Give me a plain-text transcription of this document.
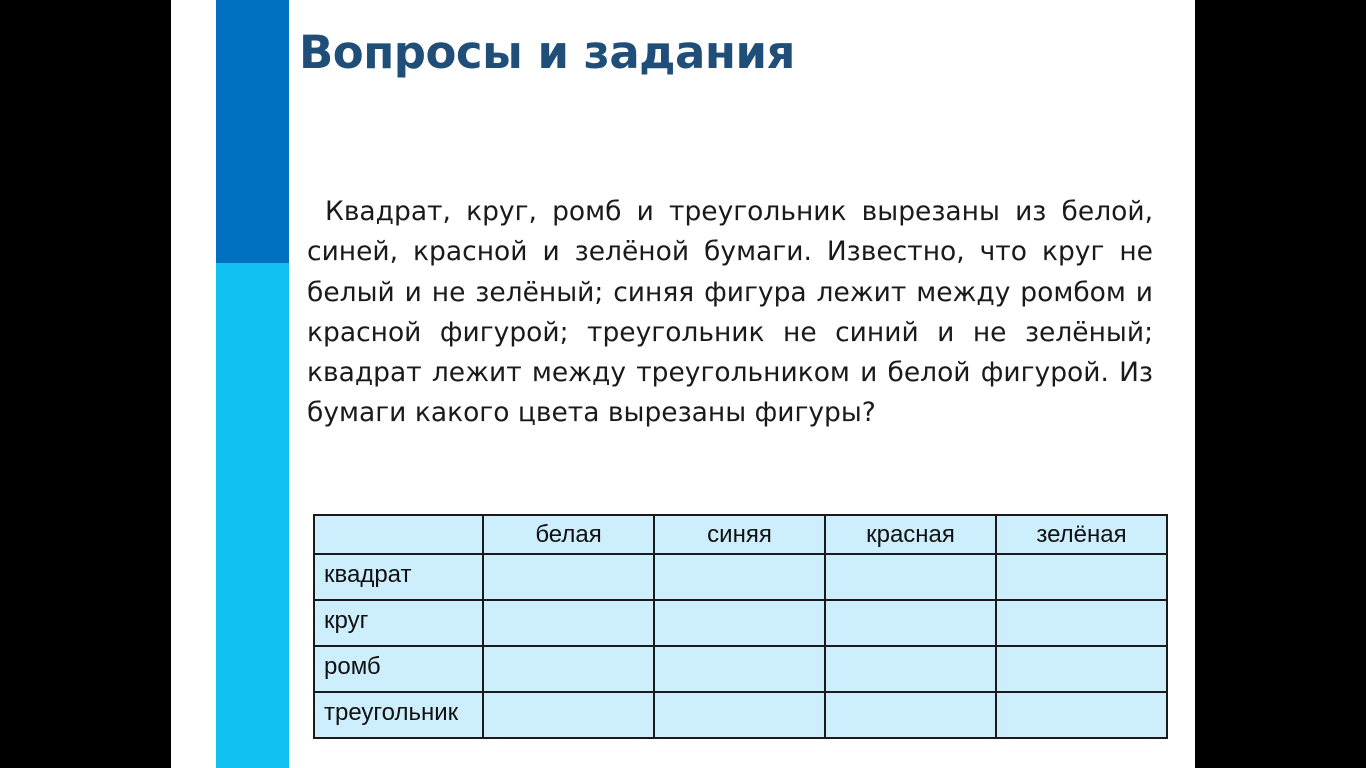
Вопросы и задания

Квадрат, круг, ромб и треугольник вырезаны из белой, синей, красной и зелёной бумаги. Известно, что круг не белый и не зелёный; синяя фигура лежит между ромбом и красной фигурой; треугольник не синий и не зелёный; квадрат лежит между треугольником и белой фигурой. Из бумаги какого цвета вырезаны фигуры?

	белая	синяя	красная	зелёная
квадрат				
круг				
ромб				
треугольник				
